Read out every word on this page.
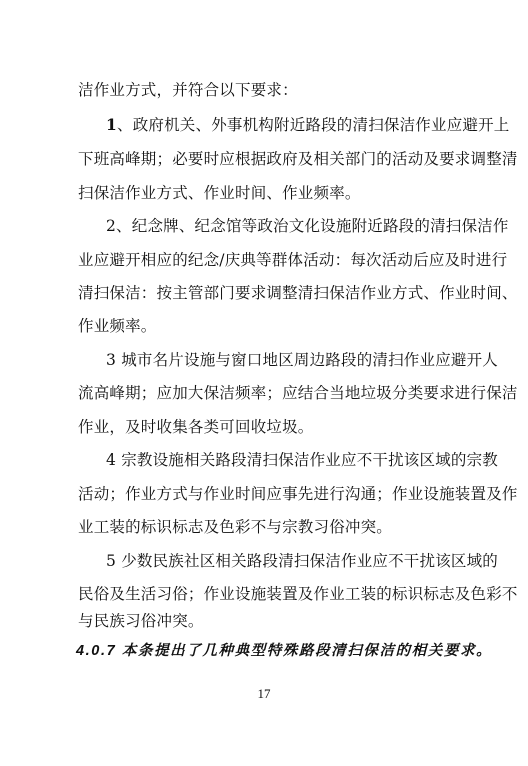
洁作业方式，并符合以下要求：
1、政府机关、外事机构附近路段的清扫保洁作业应避开上
下班高峰期；必要时应根据政府及相关部门的活动及要求调整清
扫保洁作业方式、作业时间、作业频率。
2、纪念牌、纪念馆等政治文化设施附近路段的清扫保洁作
业应避开相应的纪念/庆典等群体活动：每次活动后应及时进行
清扫保洁：按主管部门要求调整清扫保洁作业方式、作业时间、
作业频率。
3 城市名片设施与窗口地区周边路段的清扫作业应避开人
流高峰期；应加大保洁频率；应结合当地垃圾分类要求进行保洁
作业，及时收集各类可回收垃圾。
4 宗教设施相关路段清扫保洁作业应不干扰该区域的宗教
活动；作业方式与作业时间应事先进行沟通；作业设施装置及作
业工装的标识标志及色彩不与宗教习俗冲突。
5 少数民族社区相关路段清扫保洁作业应不干扰该区域的
民俗及生活习俗；作业设施装置及作业工装的标识标志及色彩不
与民族习俗冲突。
4.0.7 本条提出了几种典型特殊路段清扫保洁的相关要求。
17
